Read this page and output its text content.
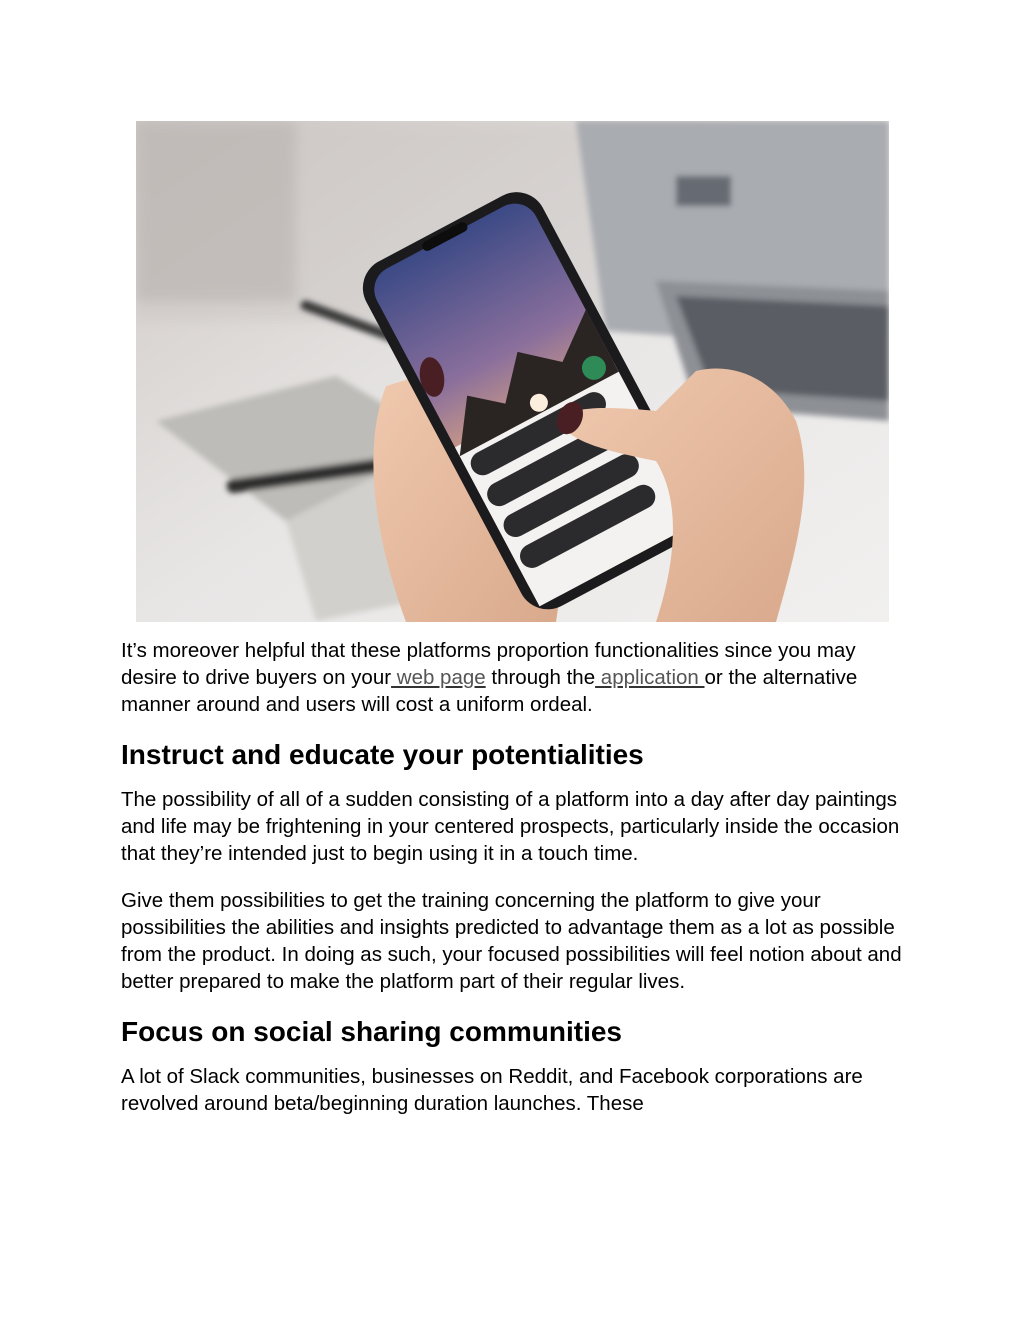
It’s moreover helpful that these platforms proportion functionalities since you may desire to drive buyers on your web page through the application or the alternative manner around and users will cost a uniform ordeal.

Instruct and educate your potentialities

The possibility of all of a sudden consisting of a platform into a day after day paintings and life may be frightening in your centered prospects, particularly inside the occasion that they’re intended just to begin using it in a touch time.

Give them possibilities to get the training concerning the platform to give your possibilities the abilities and insights predicted to advantage them as a lot as possible from the product. In doing as such, your focused possibilities will feel notion about and better prepared to make the platform part of their regular lives.

Focus on social sharing communities

A lot of Slack communities, businesses on Reddit, and Facebook corporations are revolved around beta/beginning duration launches. These
